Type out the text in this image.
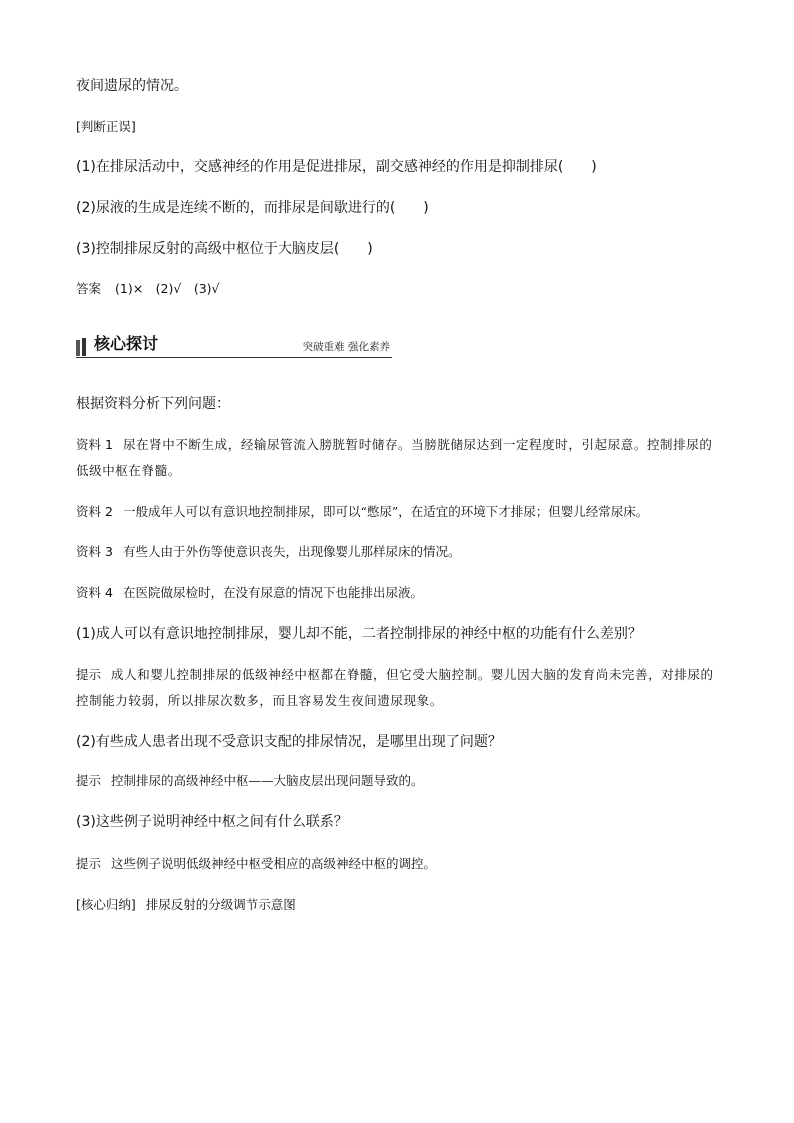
夜间遗尿的情况。
[判断正误]
(1)在排尿活动中，交感神经的作用是促进排尿，副交感神经的作用是抑制排尿(　　)
(2)尿液的生成是连续不断的，而排尿是间歇进行的(　　)
(3)控制排尿反射的高级中枢位于大脑皮层(　　)
答案 (1)×　(2)√　(3)√
核心探讨	突破重难 强化素养
根据资料分析下列问题：
资料 1 尿在肾中不断生成，经输尿管流入膀胱暂时储存。当膀胱储尿达到一定程度时，引起尿意。控制排尿的低级中枢在脊髓。
资料 2 一般成年人可以有意识地控制排尿，即可以“憋尿”，在适宜的环境下才排尿；但婴儿经常尿床。
资料 3 有些人由于外伤等使意识丧失，出现像婴儿那样尿床的情况。
资料 4 在医院做尿检时，在没有尿意的情况下也能排出尿液。
(1)成人可以有意识地控制排尿，婴儿却不能，二者控制排尿的神经中枢的功能有什么差别？
提示 成人和婴儿控制排尿的低级神经中枢都在脊髓，但它受大脑控制。婴儿因大脑的发育尚未完善，对排尿的控制能力较弱，所以排尿次数多，而且容易发生夜间遗尿现象。
(2)有些成人患者出现不受意识支配的排尿情况，是哪里出现了问题？
提示 控制排尿的高级神经中枢——大脑皮层出现问题导致的。
(3)这些例子说明神经中枢之间有什么联系？
提示 这些例子说明低级神经中枢受相应的高级神经中枢的调控。
[核心归纳] 排尿反射的分级调节示意图
